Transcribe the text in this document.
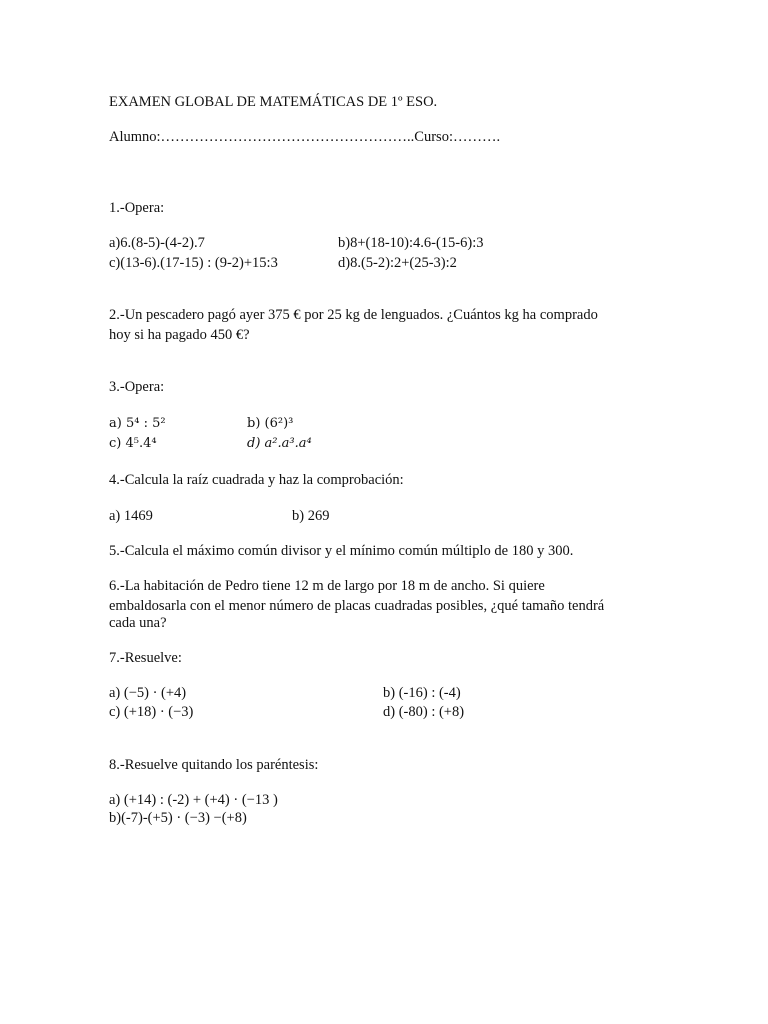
EXAMEN GLOBAL DE MATEMÁTICAS DE 1º ESO.
Alumno:……………………………………………..Curso:……….
1.-Opera:
a)6.(8-5)-(4-2).7	b)8+(18-10):4.6-(15-6):3
c)(13-6).(17-15) : (9-2)+15:3	d)8.(5-2):2+(25-3):2
2.-Un pescadero pagó ayer 375 € por 25 kg de lenguados. ¿Cuántos kg ha comprado
hoy si ha pagado 450 €?
3.-Opera:
a) 5⁴ : 5²	b) (6²)³
c) 4⁵.4⁴	d) a².a³.a⁴
4.-Calcula la raíz cuadrada y haz la comprobación:
a) 1469	b) 269
5.-Calcula el máximo común divisor y el mínimo común múltiplo de 180 y 300.
6.-La habitación de Pedro tiene 12 m de largo por 18 m de ancho. Si quiere
embaldosarla con el menor número de placas cuadradas posibles, ¿qué tamaño tendrá
cada una?
7.-Resuelve:
a) (−5) · (+4)	b) (-16) : (-4)
c) (+18) · (−3)	d) (-80) : (+8)
8.-Resuelve quitando los paréntesis:
a) (+14) : (-2) + (+4) · (−13 )
b)(-7)-(+5) · (−3) −(+8)
